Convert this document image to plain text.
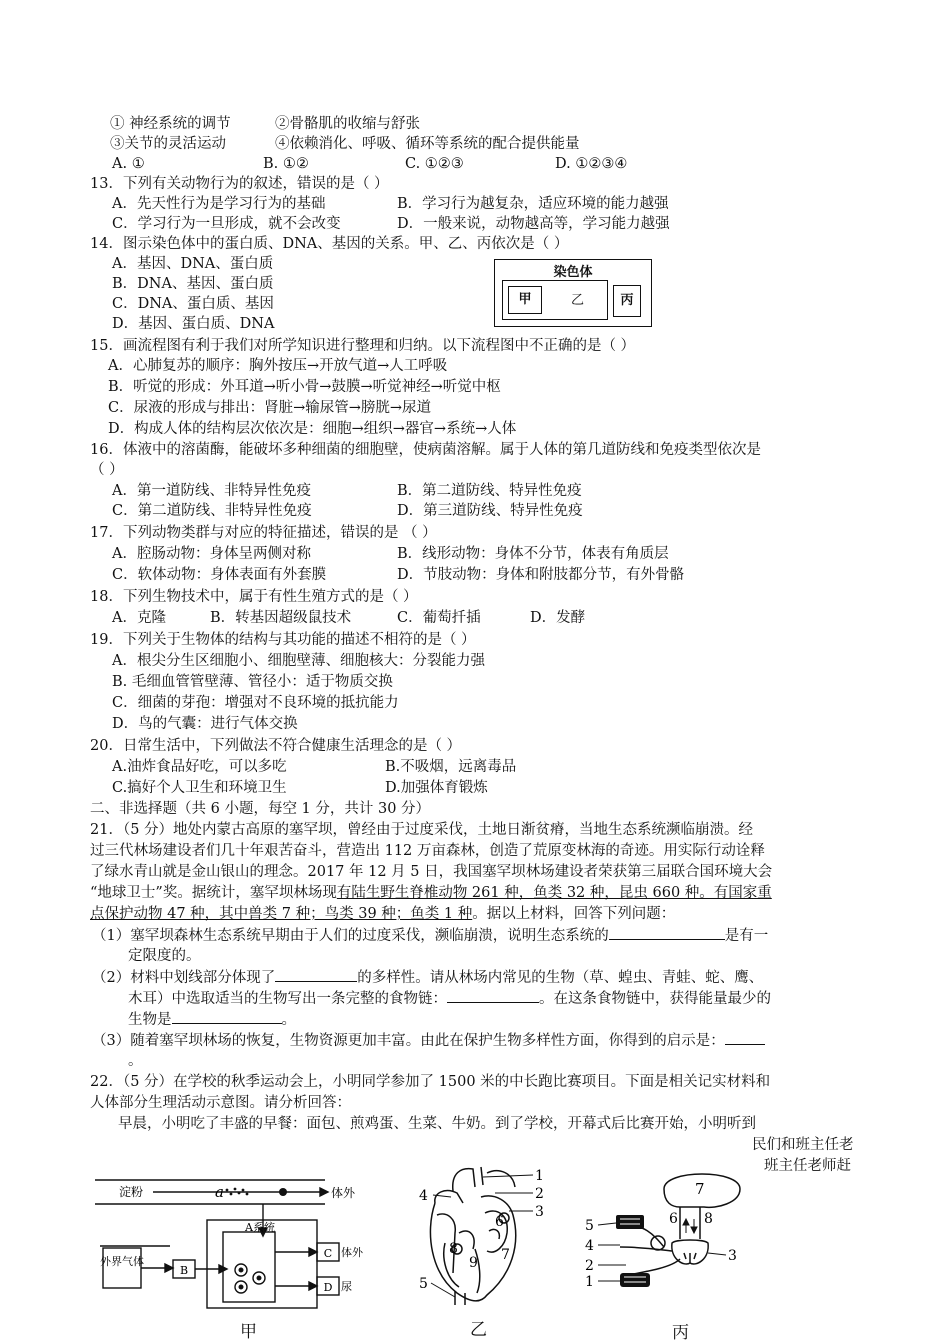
① 神经系统的调节	②骨骼肌的收缩与舒张
③关节的灵活运动	④依赖消化、呼吸、循环等系统的配合提供能量
A. ①	B. ①②	C. ①②③	D. ①②③④
13．下列有关动物行为的叙述，错误的是（ ）
A．先天性行为是学习行为的基础	B．学习行为越复杂，适应环境的能力越强
C．学习行为一旦形成，就不会改变	D．一般来说，动物越高等，学习能力越强
14．图示染色体中的蛋白质、DNA、基因的关系。甲、乙、丙依次是（ ）
A．基因、DNA、蛋白质
B．DNA、基因、蛋白质
C．DNA、蛋白质、基因
D．基因、蛋白质、DNA
染色体
甲	乙	丙
15．画流程图有利于我们对所学知识进行整理和归纳。以下流程图中不正确的是（ ）
A．心肺复苏的顺序：胸外按压→开放气道→人工呼吸
B．听觉的形成：外耳道→听小骨→鼓膜→听觉神经→听觉中枢
C．尿液的形成与排出：肾脏→输尿管→膀胱→尿道
D．构成人体的结构层次依次是：细胞→组织→器官→系统→人体
16．体液中的溶菌酶，能破坏多种细菌的细胞壁，使病菌溶解。属于人体的第几道防线和免疫类型依次是
（ ）
A．第一道防线、非特异性免疫	B．第二道防线、特异性免疫
C．第二道防线、非特异性免疫	D．第三道防线、特异性免疫
17．下列动物类群与对应的特征描述，错误的是 （ ）
A．腔肠动物：身体呈两侧对称	B．线形动物：身体不分节，体表有角质层
C．软体动物：身体表面有外套膜	D．节肢动物：身体和附肢都分节，有外骨骼
18．下列生物技术中，属于有性生殖方式的是（ ）
A．克隆	B．转基因超级鼠技术	C．葡萄扦插	D．发酵
19．下列关于生物体的结构与其功能的描述不相符的是（ ）
A．根尖分生区细胞小、细胞壁薄、细胞核大：分裂能力强
B. 毛细血管管壁薄、管径小：适于物质交换
C．细菌的芽孢：增强对不良环境的抵抗能力
D．鸟的气囊：进行气体交换
20．日常生活中，下列做法不符合健康生活理念的是（ ）
A.油炸食品好吃，可以多吃	B.不吸烟，远离毒品
C.搞好个人卫生和环境卫生	D.加强体育锻炼
二、非选择题（共 6 小题，每空 1 分，共计 30 分）
21．（5 分）地处内蒙古高原的塞罕坝，曾经由于过度采伐，土地日渐贫瘠，当地生态系统濒临崩溃。经
过三代林场建设者们几十年艰苦奋斗，营造出 112 万亩森林，创造了荒原变林海的奇迹。用实际行动诠释
了绿水青山就是金山银山的理念。2017 年 12 月 5 日，我国塞罕坝林场建设者荣获第三届联合国环境大会
“地球卫士”奖。据统计，塞罕坝林场现有陆生野生脊椎动物 261 种，鱼类 32 种，昆虫 660 种。有国家重
点保护动物 47 种，其中兽类 7 种；鸟类 39 种；鱼类 1 种。据以上材料，回答下列问题：
（1）塞罕坝森林生态系统早期由于人们的过度采伐，濒临崩溃，说明生态系统的	是有一
定限度的。
（2）材料中划线部分体现了	的多样性。请从林场内常见的生物（草、蝗虫、青蛙、蛇、鹰、
木耳）中选取适当的生物写出一条完整的食物链：	。在这条食物链中，获得能量最少的
生物是	。
（3）随着塞罕坝林场的恢复，生物资源更加丰富。由此在保护生物多样性方面，你得到的启示是：
。
22．（5 分）在学校的秋季运动会上，小明同学参加了 1500 米的中长跑比赛项目。下面是相关记实材料和
人体部分生理活动示意图。请分析回答：
早晨，小明吃了丰盛的早餐：面包、煎鸡蛋、生菜、牛奶。到了学校，开幕式后比赛开始，小明听到
⺠们和班主任老
班主任老师赶
淀粉	a	体外
A系统
外界气体
B
C 体外
D 尿
甲
1
2
3
4
5
6
7
8
9
乙
7
6 8
5
4
3
2
1
丙
